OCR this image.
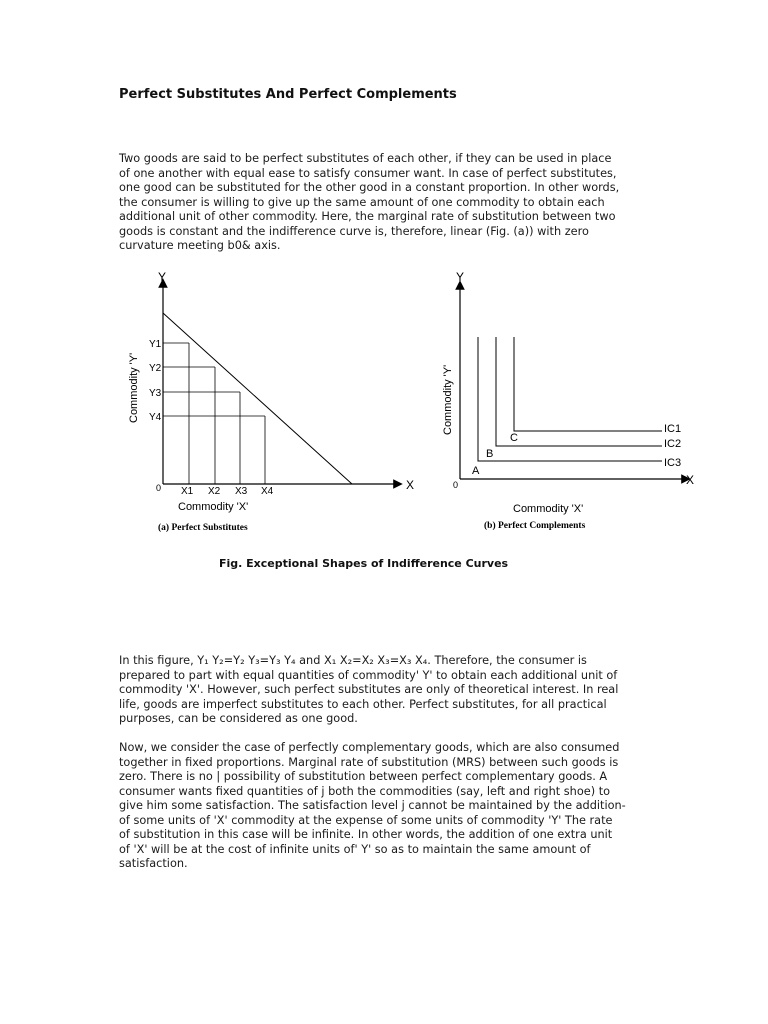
Perfect Substitutes And Perfect Complements

Two goods are said to be perfect substitutes of each other, if they can be used in place

of one another with equal ease to satisfy consumer want. In case of perfect substitutes,

one good can be substituted for the other good in a constant proportion. In other words,

the consumer is willing to give up the same amount of one commodity to obtain each

additional unit of other commodity. Here, the marginal rate of substitution between two

goods is constant and the indifference curve is, therefore, linear (Fig. (a)) with zero

curvature meeting b0& axis.

Y
X
0
Commodity 'Y'
Commodity 'X'
Y1
Y2
Y3
Y4
X1 X2 X3 X4
(a) Perfect Substitutes
Y
X
0
Commodity 'Y'
Commodity 'X'
A
B
C
IC1
IC2
IC3
(b) Perfect Complements
Fig. Exceptional Shapes of Indifference Curves

In this figure, Y₁ Y₂=Y₂ Y₃=Y₃ Y₄ and X₁ X₂=X₂ X₃=X₃ X₄. Therefore, the consumer is

prepared to part with equal quantities of commodity' Y' to obtain each additional unit of

commodity 'X'. However, such perfect substitutes are only of theoretical interest. In real

life, goods are imperfect substitutes to each other. Perfect substitutes, for all practical

purposes, can be considered as one good.

Now, we consider the case of perfectly complementary goods, which are also consumed

together in fixed proportions. Marginal rate of substitution (MRS) between such goods is

zero. There is no | possibility of substitution between perfect complementary goods. A

consumer wants fixed quantities of j both the commodities (say, left and right shoe) to

give him some satisfaction. The satisfaction level j cannot be maintained by the addition-

of some units of 'X' commodity at the expense of some units of commodity 'Y' The rate

of substitution in this case will be infinite. In other words, the addition of one extra unit

of 'X' will be at the cost of infinite units of' Y' so as to maintain the same amount of

satisfaction.
